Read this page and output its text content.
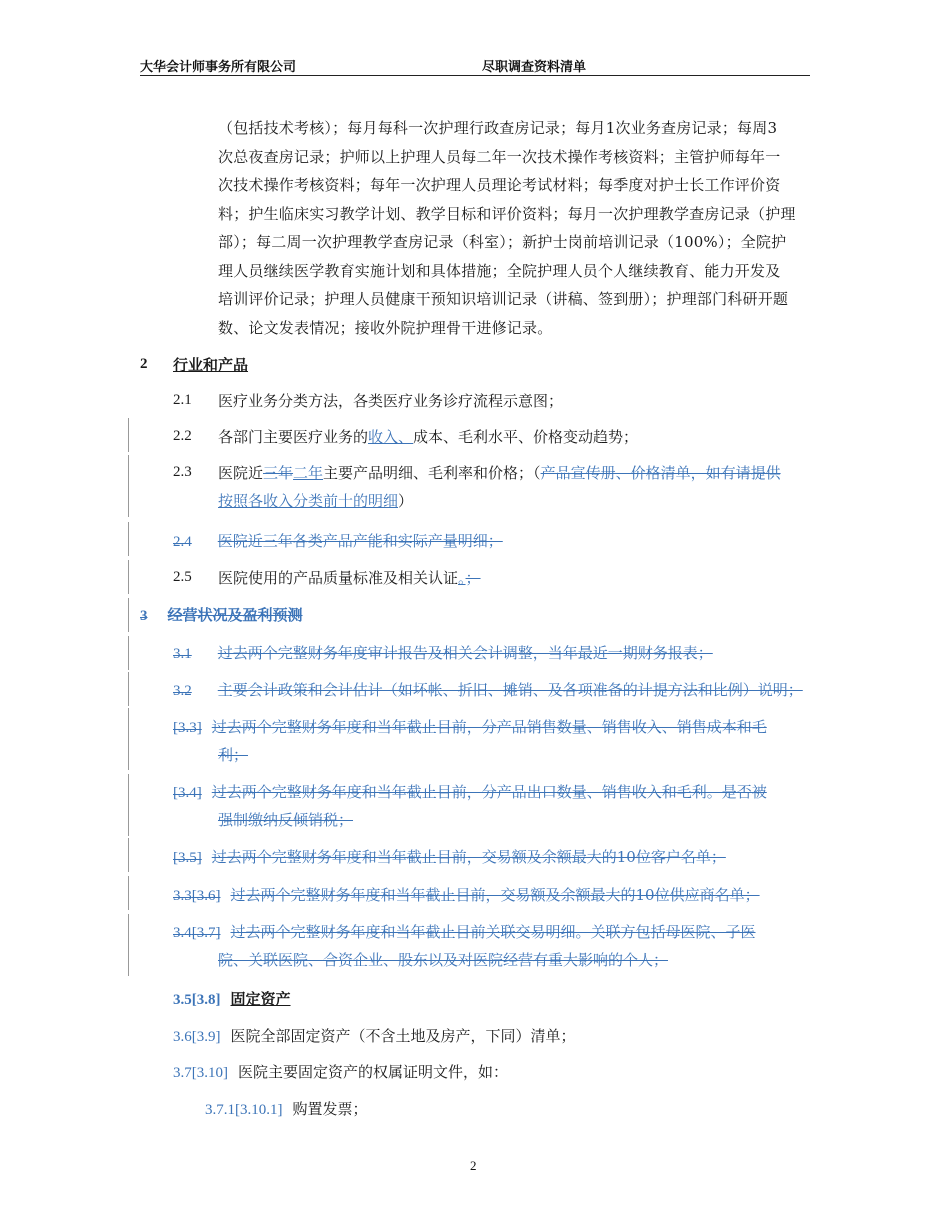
大华会计师事务所有限公司	尽职调查资料清单
（包括技术考核）；每月每科一次护理行政查房记录；每月1次业务查房记录；每周3
次总夜查房记录；护师以上护理人员每二年一次技术操作考核资料；主管护师每年一
次技术操作考核资料；每年一次护理人员理论考试材料；每季度对护士长工作评价资
料；护生临床实习教学计划、教学目标和评价资料；每月一次护理教学查房记录（护理
部）；每二周一次护理教学查房记录（科室）；新护士岗前培训记录（100%）；全院护
理人员继续医学教育实施计划和具体措施；全院护理人员个人继续教育、能力开发及
培训评价记录；护理人员健康干预知识培训记录（讲稿、签到册）；护理部门科研开题
数、论文发表情况；接收外院护理骨干进修记录。
2 行业和产品
2.1 医疗业务分类方法，各类医疗业务诊疗流程示意图；
2.2 各部门主要医疗业务的收入、成本、毛利水平、价格变动趋势；
2.3 医院近三年二年主要产品明细、毛利率和价格；（产品宣传册、价格清单，如有请提供
按照各收入分类前十的明细）
2.4 医院近三年各类产品产能和实际产量明细；
2.5 医院使用的产品质量标准及相关认证。；
3 经营状况及盈利预测
3.1 过去两个完整财务年度审计报告及相关会计调整，当年最近一期财务报表；
3.2 主要会计政策和会计估计（如坏帐、折旧、摊销、及各项准备的计提方法和比例）说明；
[3.3] 过去两个完整财务年度和当年截止目前，分产品销售数量、销售收入、销售成本和毛
利；
[3.4] 过去两个完整财务年度和当年截止目前，分产品出口数量、销售收入和毛利。是否被
强制缴纳反倾销税；
[3.5] 过去两个完整财务年度和当年截止目前，交易额及余额最大的10位客户名单；
3.3[3.6] 过去两个完整财务年度和当年截止目前，交易额及余额最大的10位供应商名单；
3.4[3.7] 过去两个完整财务年度和当年截止目前关联交易明细。关联方包括母医院、子医
院、关联医院、合资企业、股东以及对医院经营有重大影响的个人；
3.5[3.8] 固定资产
3.6[3.9] 医院全部固定资产（不含土地及房产，下同）清单；
3.7[3.10] 医院主要固定资产的权属证明文件，如：
3.7.1[3.10.1] 购置发票；
2
